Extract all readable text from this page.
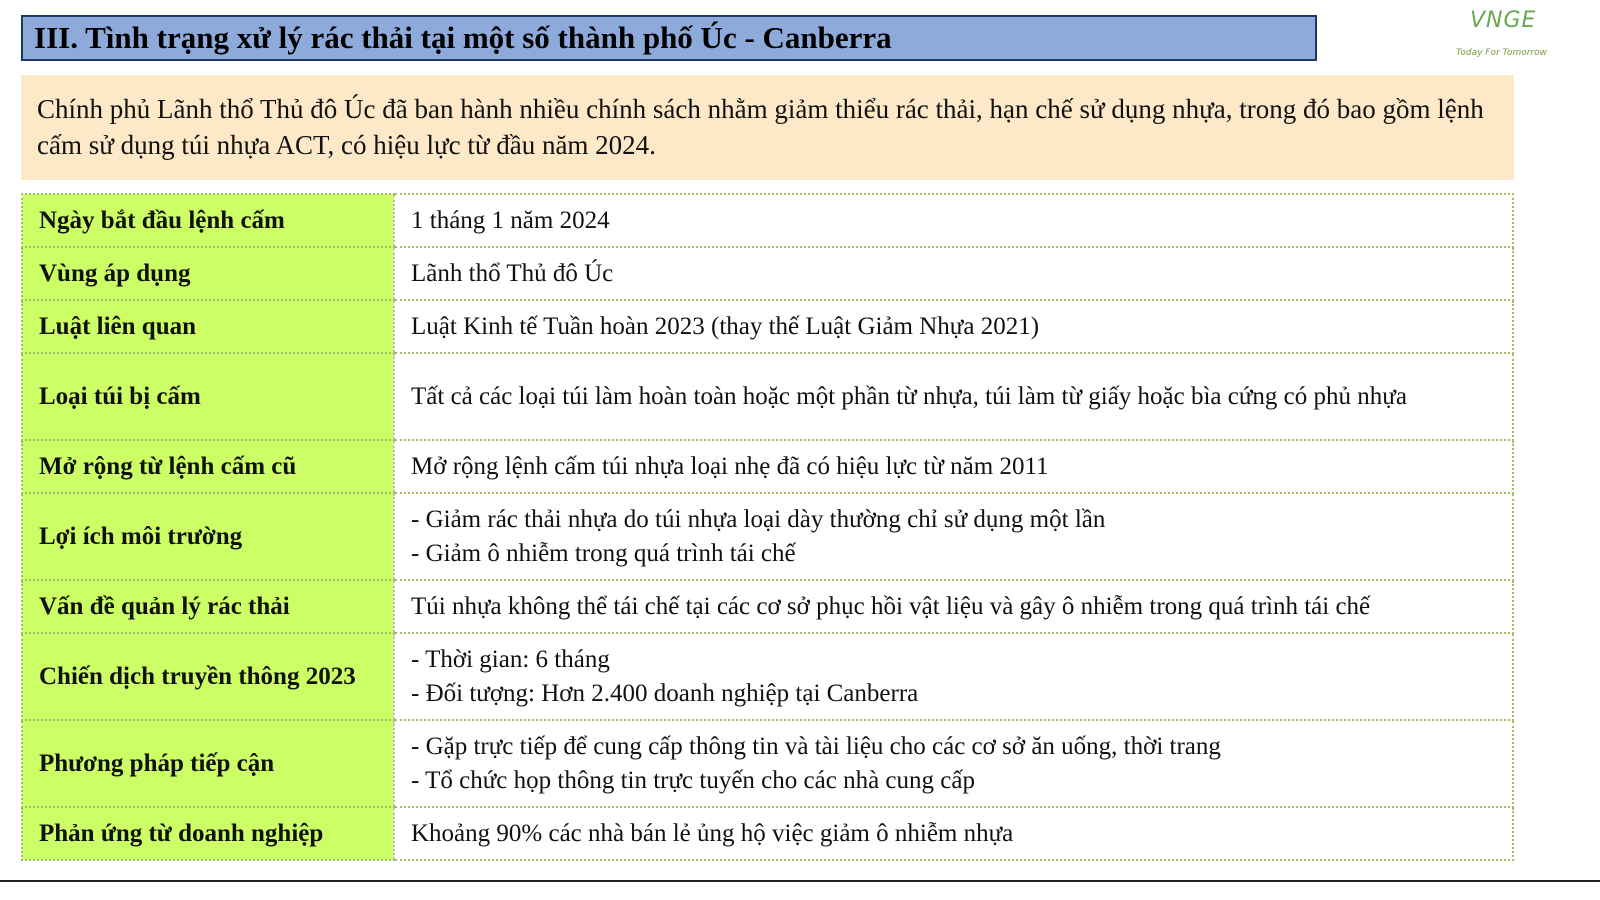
III. Tình trạng xử lý rác thải tại một số thành phố Úc - Canberra	VNGE
Today For Tomorrow
Chính phủ Lãnh thổ Thủ đô Úc đã ban hành nhiều chính sách nhằm giảm thiểu rác thải, hạn chế sử dụng nhựa, trong đó bao gồm lệnh cấm sử dụng túi nhựa ACT, có hiệu lực từ đầu năm 2024.
Ngày bắt đầu lệnh cấm	1 tháng 1 năm 2024

Vùng áp dụng	Lãnh thổ Thủ đô Úc

Luật liên quan	Luật Kinh tế Tuần hoàn 2023 (thay thế Luật Giảm Nhựa 2021)

Loại túi bị cấm	Tất cả các loại túi làm hoàn toàn hoặc một phần từ nhựa, túi làm từ giấy hoặc bìa cứng có phủ nhựa

Mở rộng từ lệnh cấm cũ	Mở rộng lệnh cấm túi nhựa loại nhẹ đã có hiệu lực từ năm 2011

Lợi ích môi trường	- Giảm rác thải nhựa do túi nhựa loại dày thường chỉ sử dụng một lần
- Giảm ô nhiễm trong quá trình tái chế

Vấn đề quản lý rác thải	Túi nhựa không thể tái chế tại các cơ sở phục hồi vật liệu và gây ô nhiễm trong quá trình tái chế

Chiến dịch truyền thông 2023	- Thời gian: 6 tháng
- Đối tượng: Hơn 2.400 doanh nghiệp tại Canberra

Phương pháp tiếp cận	- Gặp trực tiếp để cung cấp thông tin và tài liệu cho các cơ sở ăn uống, thời trang
- Tổ chức họp thông tin trực tuyến cho các nhà cung cấp

Phản ứng từ doanh nghiệp	Khoảng 90% các nhà bán lẻ ủng hộ việc giảm ô nhiễm nhựa
